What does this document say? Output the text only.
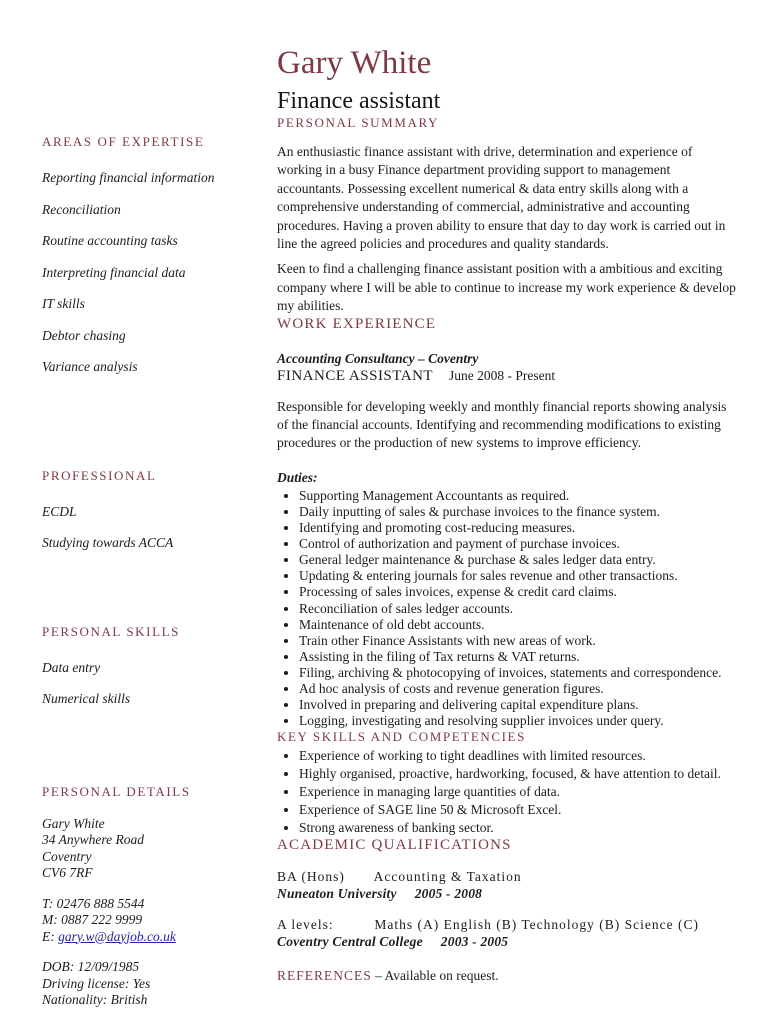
AREAS OF EXPERTISE
Reporting financial information
Reconciliation
Routine accounting tasks
Interpreting financial data
IT skills
Debtor chasing
Variance analysis
PROFESSIONAL
ECDL
Studying towards ACCA
PERSONAL SKILLS
Data entry
Numerical skills
PERSONAL DETAILS
Gary White
34 Anywhere Road
Coventry
CV6 7RF
T: 02476 888 5544
M: 0887 222 9999
E: gary.w@dayjob.co.uk
DOB: 12/09/1985
Driving license: Yes
Nationality: British
Gary White
Finance assistant
PERSONAL SUMMARY

An enthusiastic finance assistant with drive, determination and experience of working in a busy Finance department providing support to management accountants. Possessing excellent numerical & data entry skills along with a comprehensive understanding of commercial, administrative and accounting procedures. Having a proven ability to ensure that day to day work is carried out in line the agreed policies and procedures and quality standards.

Keen to find a challenging finance assistant position with a ambitious and exciting company where I will be able to continue to increase my work experience & develop my abilities.

WORK EXPERIENCE
Accounting Consultancy – Coventry
FINANCE ASSISTANT June 2008 - Present

Responsible for developing weekly and monthly financial reports showing analysis of the financial accounts. Identifying and recommending modifications to existing procedures or the production of new systems to improve efficiency.

Duties:
• Supporting Management Accountants as required.
• Daily inputting of sales & purchase invoices to the finance system.
• Identifying and promoting cost-reducing measures.
• Control of authorization and payment of purchase invoices.
• General ledger maintenance & purchase & sales ledger data entry.
• Updating & entering journals for sales revenue and other transactions.
• Processing of sales invoices, expense & credit card claims.
• Reconciliation of sales ledger accounts.
• Maintenance of old debt accounts.
• Train other Finance Assistants with new areas of work.
• Assisting in the filing of Tax returns & VAT returns.
• Filing, archiving & photocopying of invoices, statements and correspondence.
• Ad hoc analysis of costs and revenue generation figures.
• Involved in preparing and delivering capital expenditure plans.
• Logging, investigating and resolving supplier invoices under query.
KEY SKILLS AND COMPETENCIES
• Experience of working to tight deadlines with limited resources.
• Highly organised, proactive, hardworking, focused, & have attention to detail.
• Experience in managing large quantities of data.
• Experience of SAGE line 50 & Microsoft Excel.
• Strong awareness of banking sector.
ACADEMIC QUALIFICATIONS
BA (Hons) Accounting & Taxation
Nuneaton University 2005 - 2008
A levels:	Maths (A) English (B) Technology (B) Science (C)
Coventry Central College 2003 - 2005
REFERENCES – Available on request.
